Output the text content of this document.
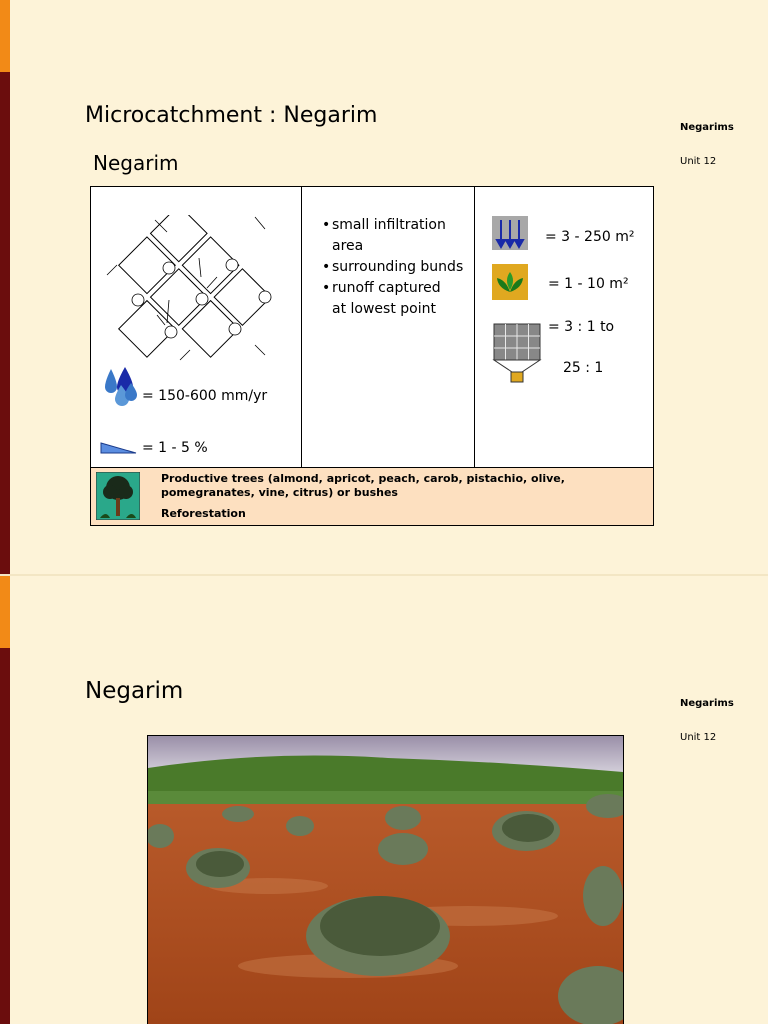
Microcatchment : Negarim
Negarim
Negarims
Unit 12
= 150-600 mm/yr
= 1 - 5 %

• small infiltration
area
• surrounding bunds
• runoff captured
at lowest point

= 3 - 250 m²
= 1 - 10 m²
= 3 : 1 to
25 : 1

Productive trees (almond, apricot, peach, carob, pistachio, olive, pomegranates, vine, citrus) or bushes
Reforestation
Negarim	Negarims
Unit 12
